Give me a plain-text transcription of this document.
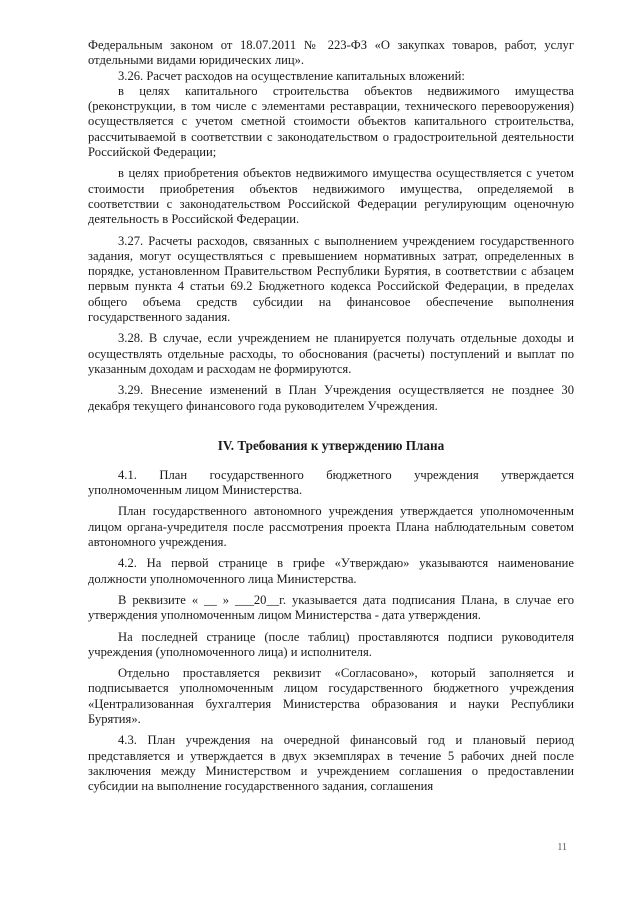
Федеральным законом от 18.07.2011 № 223-ФЗ «О закупках товаров, работ, услуг отдельными видами юридических лиц».

3.26. Расчет расходов на осуществление капитальных вложений:

в целях капитального строительства объектов недвижимого имущества (реконструкции, в том числе с элементами реставрации, технического перевооружения) осуществляется с учетом сметной стоимости объектов капитального строительства, рассчитываемой в соответствии с законодательством о градостроительной деятельности Российской Федерации;

в целях приобретения объектов недвижимого имущества осуществляется с учетом стоимости приобретения объектов недвижимого имущества, определяемой в соответствии с законодательством Российской Федерации регулирующим оценочную деятельность в Российской Федерации.

3.27. Расчеты расходов, связанных с выполнением учреждением государственного задания, могут осуществляться с превышением нормативных затрат, определенных в порядке, установленном Правительством Республики Бурятия, в соответствии с абзацем первым пункта 4 статьи 69.2 Бюджетного кодекса Российской Федерации, в пределах общего объема средств субсидии на финансовое обеспечение выполнения государственного задания.

3.28. В случае, если учреждением не планируется получать отдельные доходы и осуществлять отдельные расходы, то обоснования (расчеты) поступлений и выплат по указанным доходам и расходам не формируются.

3.29. Внесение изменений в План Учреждения осуществляется не позднее 30 декабря текущего финансового года руководителем Учреждения.

IV. Требования к утверждению Плана

4.1. План государственного бюджетного учреждения утверждается уполномоченным лицом Министерства.

План государственного автономного учреждения утверждается уполномоченным лицом органа-учредителя после рассмотрения проекта Плана наблюдательным советом автономного учреждения.

4.2. На первой странице в грифе «Утверждаю» указываются наименование должности уполномоченного лица Министерства.

В реквизите « __ » ___20__г. указывается дата подписания Плана, в случае его утверждения уполномоченным лицом Министерства - дата утверждения.

На последней странице (после таблиц) проставляются подписи руководителя учреждения (уполномоченного лица) и исполнителя.

Отдельно проставляется реквизит «Согласовано», который заполняется и подписывается уполномоченным лицом государственного бюджетного учреждения «Централизованная бухгалтерия Министерства образования и науки Республики Бурятия».

4.3. План учреждения на очередной финансовый год и плановый период представляется и утверждается в двух экземплярах в течение 5 рабочих дней после заключения между Министерством и учреждением соглашения о предоставлении субсидии на выполнение государственного задания, соглашения

11
